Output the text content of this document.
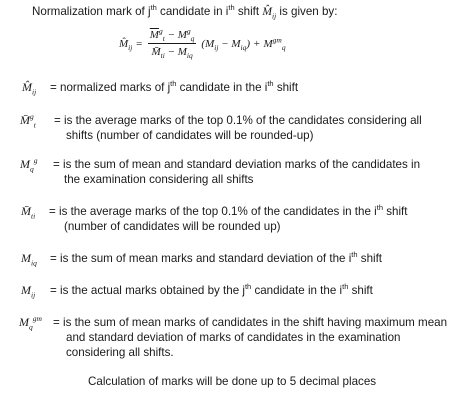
Normalization mark of $j^{th}$ candidate in $i^{th}$ shift $M̂_{ij}$ is given by:
$M̂_{ij} = \frac{\overline{M}^g_t - M^g_q}{M̄_{ti} - M_{iq}} (M_{ij} - M_{iq}) + M^{gm}_q$
$M̂_{ij}$ = normalized marks of $j^{th}$ candidate in the $i^{th}$ shift
M̄$^g_t$ = is the average marks of the top 0.1% of the candidates considering all
shifts (number of candidates will be rounded-up)
$M_q^g$ = is the sum of mean and standard deviation marks of the candidates in
the examination considering all shifts
$M̄_{ti}$ = is the average marks of the top 0.1% of the candidates in the $i^{th}$ shift
(number of candidates will be rounded up)
$M_{iq}$ = is the sum of mean marks and standard deviation of the $i^{th}$ shift
$M_{ij}$ = is the actual marks obtained by the $j^{th}$ candidate in the $i^{th}$ shift
$M_q^{gm}$ = is the sum of mean marks of candidates in the shift having maximum mean
and standard deviation of marks of candidates in the examination
considering all shifts.
Calculation of marks will be done up to 5 decimal places
